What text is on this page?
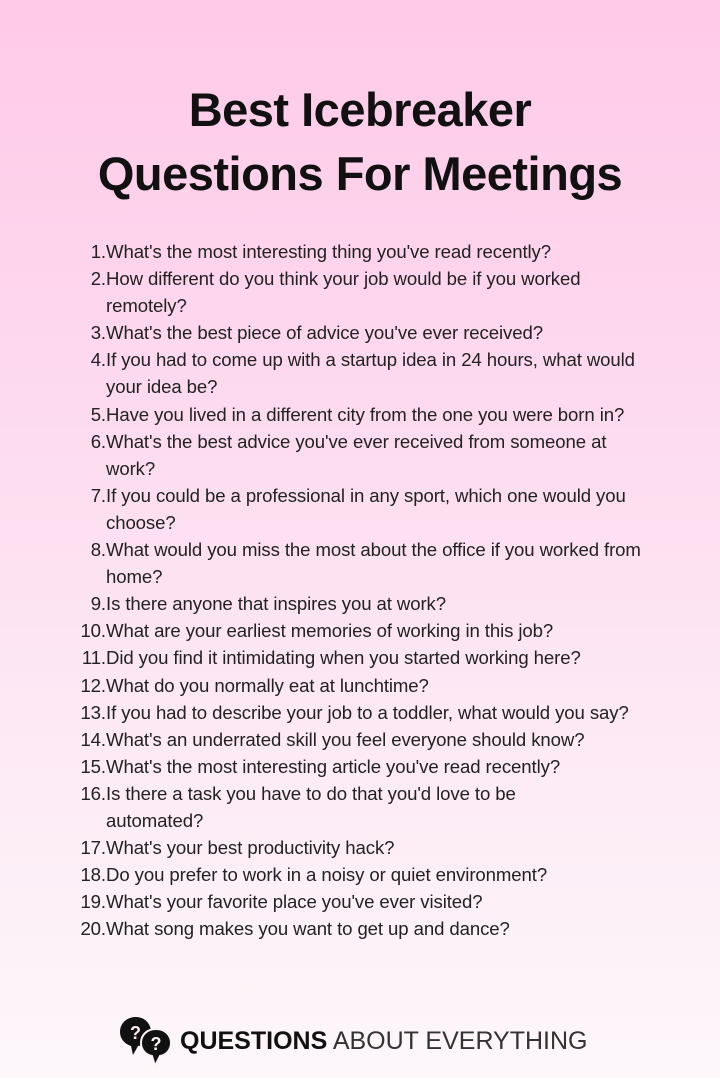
Best Icebreaker
Questions For Meetings
1. What's the most interesting thing you've read recently?
2. How different do you think your job would be if you worked remotely?
3. What's the best piece of advice you've ever received?
4. If you had to come up with a startup idea in 24 hours, what would your idea be?
5. Have you lived in a different city from the one you were born in?
6. What's the best advice you've ever received from someone at work?
7. If you could be a professional in any sport, which one would you choose?
8. What would you miss the most about the office if you worked from home?
9. Is there anyone that inspires you at work?
10. What are your earliest memories of working in this job?
11. Did you find it intimidating when you started working here?
12. What do you normally eat at lunchtime?
13. If you had to describe your job to a toddler, what would you say?
14. What's an underrated skill you feel everyone should know?
15. What's the most interesting article you've read recently?
16. Is there a task you have to do that you'd love to be automated?
17. What's your best productivity hack?
18. Do you prefer to work in a noisy or quiet environment?
19. What's your favorite place you've ever visited?
20. What song makes you want to get up and dance?
?
? QUESTIONS ABOUT EVERYTHING
